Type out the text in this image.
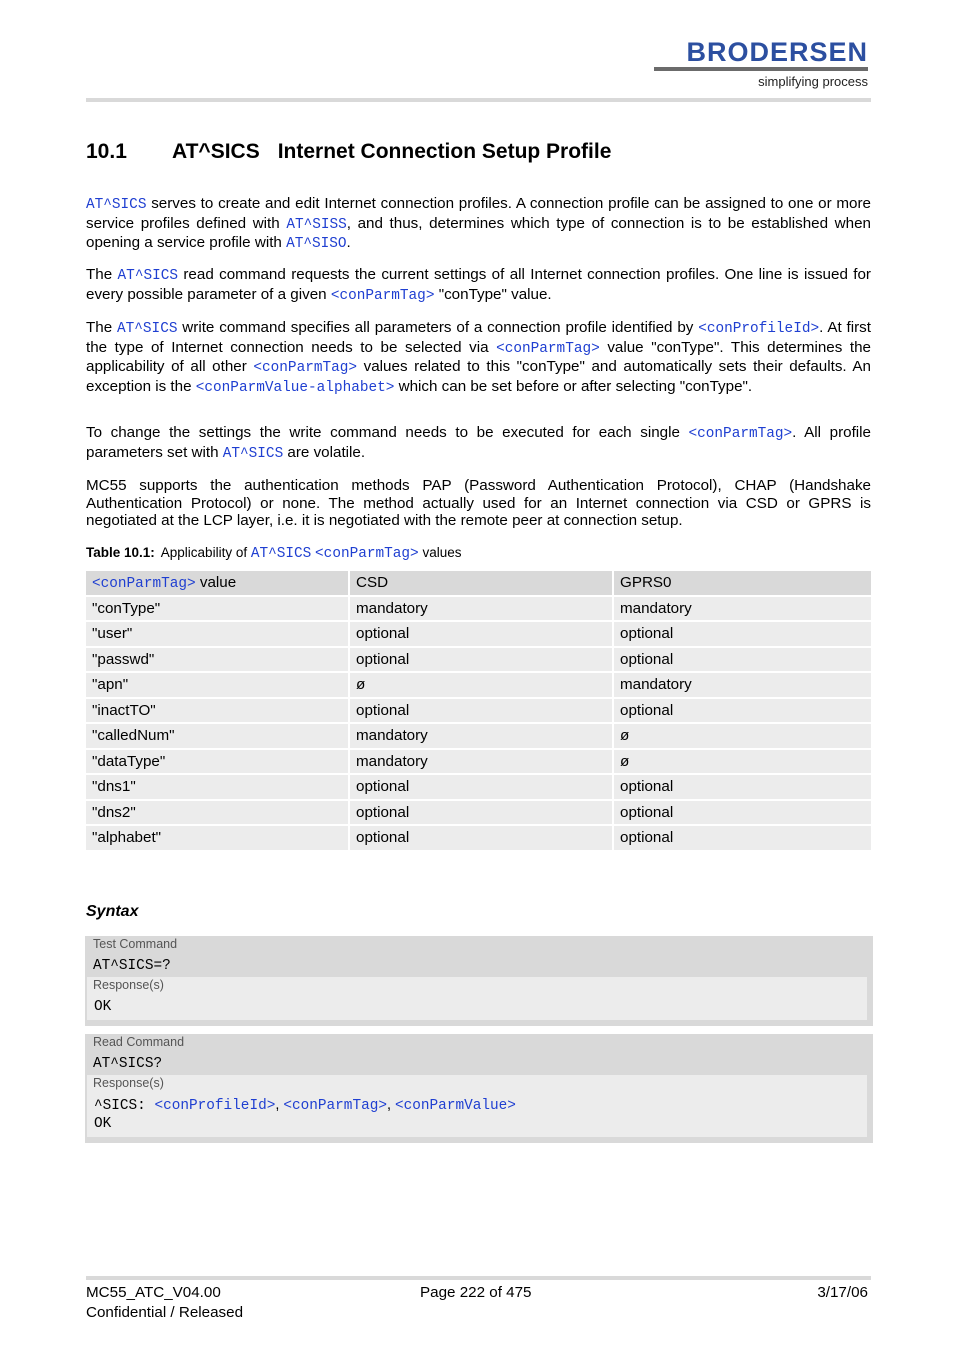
BRODERSEN
simplifying process
10.1 AT^SICS Internet Connection Setup Profile

AT^SICS serves to create and edit Internet connection profiles. A connection profile can be assigned to one or more service profiles defined with AT^SISS, and thus, determines which type of connection is to be established when opening a service profile with AT^SISO.

The AT^SICS read command requests the current settings of all Internet connection profiles. One line is issued for every possible parameter of a given <conParmTag> "conType" value.

The AT^SICS write command specifies all parameters of a connection profile identified by <conProfileId>. At first the type of Internet connection needs to be selected via <conParmTag> value "conType". This determines the applicability of all other <conParmTag> values related to this "conType" and automatically sets their defaults. An exception is the <conParmValue-alphabet> which can be set before or after selecting "conType".

To change the settings the write command needs to be executed for each single <conParmTag>. All profile parameters set with AT^SICS are volatile.

MC55 supports the authentication methods PAP (Password Authentication Protocol), CHAP (Handshake Authentication Protocol) or none. The method actually used for an Internet connection via CSD or GPRS is negotiated at the LCP layer, i.e. it is negotiated with the remote peer at connection setup.

Table 10.1: Applicability of AT^SICS <conParmTag> values
<conParmTag> value	CSD	GPRS0
"conType"	mandatory	mandatory
"user"	optional	optional
"passwd"	optional	optional
"apn"	ø	mandatory
"inactTO"	optional	optional
"calledNum"	mandatory	ø
"dataType"	mandatory	ø
"dns1"	optional	optional
"dns2"	optional	optional
"alphabet"	optional	optional
Syntax
Test Command
AT^SICS=?
Response(s)
OK
Read Command
AT^SICS?
Response(s)
^SICS: <conProfileId>, <conParmTag>, <conParmValue>
OK
MC55_ATC_V04.00
Confidential / Released
Page 222 of 475	3/17/06
